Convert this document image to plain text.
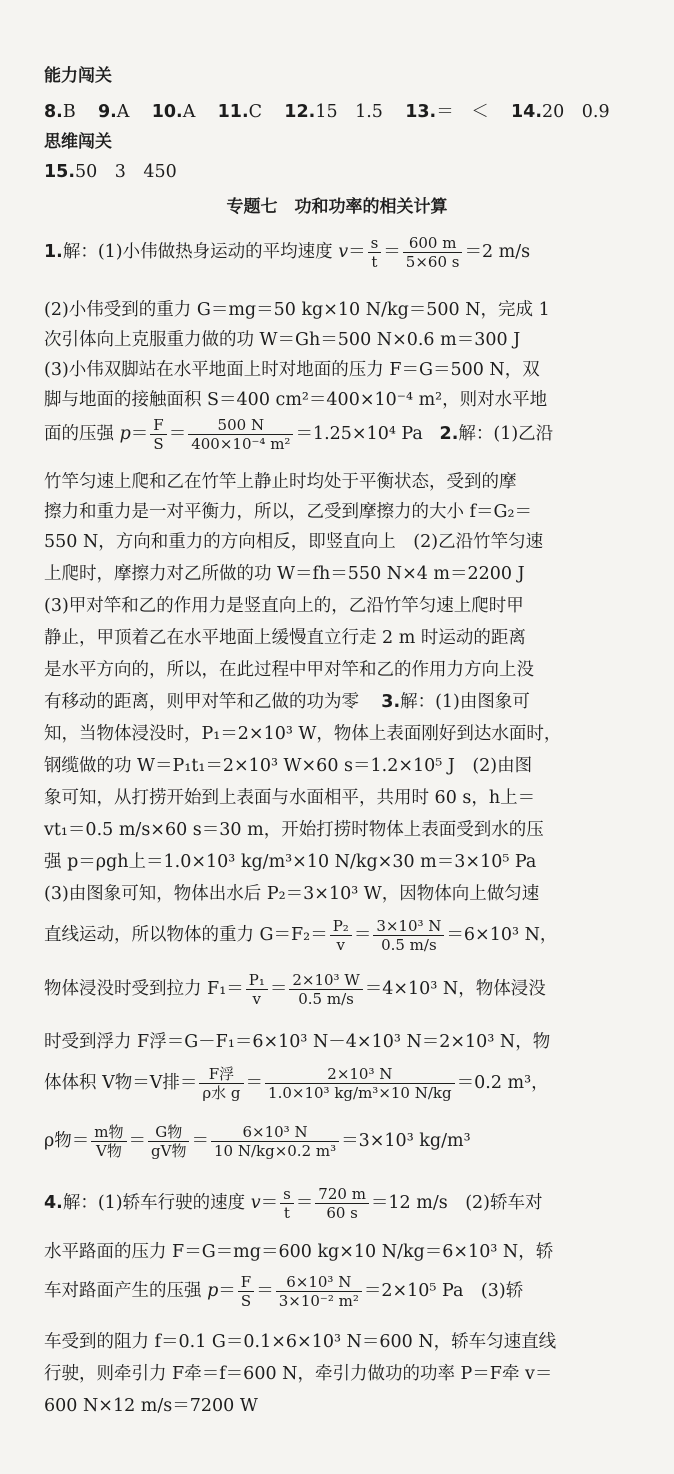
能力闯关
8.B 9.A 10.A 11.C 12.15　1.5 13.＝　＜ 14.20　0.9
思维闯关
15.50　3　450
专题七　功和功率的相关计算
1.解：(1)小伟做热身运动的平均速度 $v= \frac{s}{t} = \frac{600 m}{5\times 60 s} =2$ m/s
(2)小伟受到的重力 G＝mg＝50 kg×10 N/kg＝500 N，完成 1
次引体向上克服重力做的功 W＝Gh＝500 N×0.6 m＝300 J
(3)小伟双脚站在水平地面上时对地面的压力 F＝G＝500 N，双
脚与地面的接触面积 S＝400 cm²＝400×10⁻⁴ m²，则对水平地
面的压强 $p= \frac{F}{S} = \frac{500 N}{\text{400×10⁻⁴ m²}} =1.25\times 10^4$ Pa 2.解：(1)乙沿
竹竿匀速上爬和乙在竹竿上静止时均处于平衡状态，受到的摩
擦力和重力是一对平衡力，所以，乙受到摩擦力的大小 f＝G₂＝
550 N，方向和重力的方向相反，即竖直向上　(2)乙沿竹竿匀速
上爬时，摩擦力对乙所做的功 W＝fh＝550 N×4 m＝2200 J
(3)甲对竿和乙的作用力是竖直向上的，乙沿竹竿匀速上爬时甲
静止，甲顶着乙在水平地面上缓慢直立行走 2 m 时运动的距离
是水平方向的，所以，在此过程中甲对竿和乙的作用力方向上没
有移动的距离，则甲对竿和乙做的功为零 3.解：(1)由图象可
知，当物体浸没时，P₁＝2×10³ W，物体上表面刚好到达水面时，
钢缆做的功 W＝P₁t₁＝2×10³ W×60 s＝1.2×10⁵ J　(2)由图
象可知，从打捞开始到上表面与水面相平，共用时 60 s，h上＝
vt₁＝0.5 m/s×60 s＝30 m，开始打捞时物体上表面受到水的压
强 p＝ρgh上＝1.0×10³ kg/m³×10 N/kg×30 m＝3×10⁵ Pa
(3)由图象可知，物体出水后 P₂＝3×10³ W，因物体向上做匀速
直线运动，所以物体的重力 $G=F_2= \frac{\text{P₂}}{v} = \frac{\text{3×10³ N}}{0.5 m/s} =6\times 10^3$ N，
物体浸没时受到拉力 $F_1= \frac{\text{P₁}}{v} = \frac{\text{2×10³ W}}{0.5 m/s} =4\times 10^3$ N，物体浸没
时受到浮力 F浮＝G－F₁＝6×10³ N－4×10³ N＝2×10³ N，物
体体积 V物＝V排＝ $\frac{\text{F浮}}{\text{ρ水 g}} = \frac{\text{2×10³ N}}{\text{1.0×10³ kg/m³×10 N/kg}} =0.2$ m³，
ρ物＝ $\frac{\text{m物}}{\text{V物}} = \frac{\text{G物}}{\text{gV物}} = \frac{\text{6×10³ N}}{\text{10 N/kg×0.2 m³}} =3\times 10^3$ kg/m³
4.解：(1)轿车行驶的速度 $v= \frac{s}{t} = \frac{720 m}{60 s} =12$ m/s　(2)轿车对
水平路面的压力 F＝G＝mg＝600 kg×10 N/kg＝6×10³ N，轿
车对路面产生的压强 $p= \frac{F}{S} = \frac{\text{6×10³ N}}{\text{3×10⁻² m²}} =2\times 10^5$ Pa　(3)轿
车受到的阻力 f＝0.1 G＝0.1×6×10³ N＝600 N，轿车匀速直线
行驶，则牵引力 F牵＝f＝600 N，牵引力做功的功率 P＝F牵 v＝
600 N×12 m/s＝7200 W
